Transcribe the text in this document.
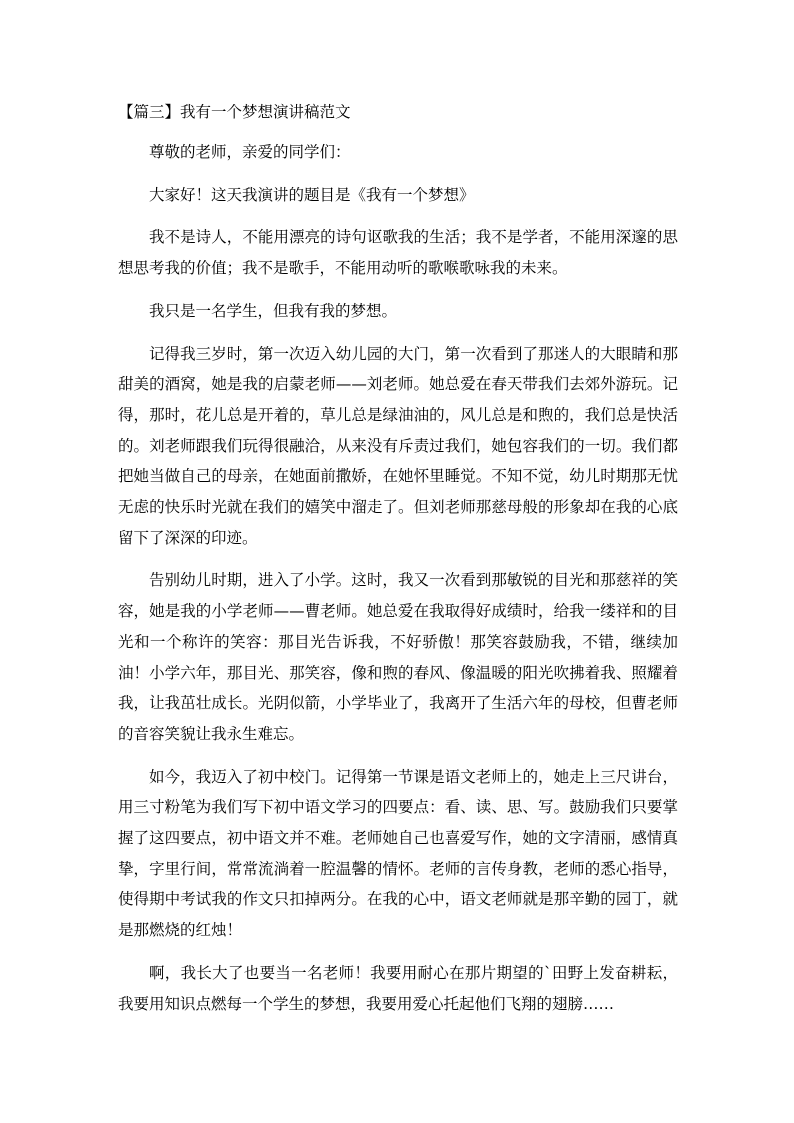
【篇三】我有一个梦想演讲稿范文

尊敬的老师，亲爱的同学们：

大家好！这天我演讲的题目是《我有一个梦想》

我不是诗人，不能用漂亮的诗句讴歌我的生活；我不是学者，不能用深邃的思想思考我的价值；我不是歌手，不能用动听的歌喉歌咏我的未来。

我只是一名学生，但我有我的梦想。

记得我三岁时，第一次迈入幼儿园的大门，第一次看到了那迷人的大眼睛和那甜美的酒窝，她是我的启蒙老师——刘老师。她总爱在春天带我们去郊外游玩。记得，那时，花儿总是开着的，草儿总是绿油油的，风儿总是和煦的，我们总是快活的。刘老师跟我们玩得很融洽，从来没有斥责过我们，她包容我们的一切。我们都把她当做自己的母亲，在她面前撒娇，在她怀里睡觉。不知不觉，幼儿时期那无忧无虑的快乐时光就在我们的嬉笑中溜走了。但刘老师那慈母般的形象却在我的心底留下了深深的印迹。

告别幼儿时期，进入了小学。这时，我又一次看到那敏锐的目光和那慈祥的笑容，她是我的小学老师——曹老师。她总爱在我取得好成绩时，给我一缕祥和的目光和一个称许的笑容：那目光告诉我，不好骄傲！那笑容鼓励我，不错，继续加油！小学六年，那目光、那笑容，像和煦的春风、像温暖的阳光吹拂着我、照耀着我，让我茁壮成长。光阴似箭，小学毕业了，我离开了生活六年的母校，但曹老师的音容笑貌让我永生难忘。

如今，我迈入了初中校门。记得第一节课是语文老师上的，她走上三尺讲台，用三寸粉笔为我们写下初中语文学习的四要点：看、读、思、写。鼓励我们只要掌握了这四要点，初中语文并不难。老师她自己也喜爱写作，她的文字清丽，感情真挚，字里行间，常常流淌着一腔温馨的情怀。老师的言传身教，老师的悉心指导，使得期中考试我的作文只扣掉两分。在我的心中，语文老师就是那辛勤的园丁，就是那燃烧的红烛！

啊，我长大了也要当一名老师！我要用耐心在那片期望的`田野上发奋耕耘，我要用知识点燃每一个学生的梦想，我要用爱心托起他们飞翔的翅膀……
